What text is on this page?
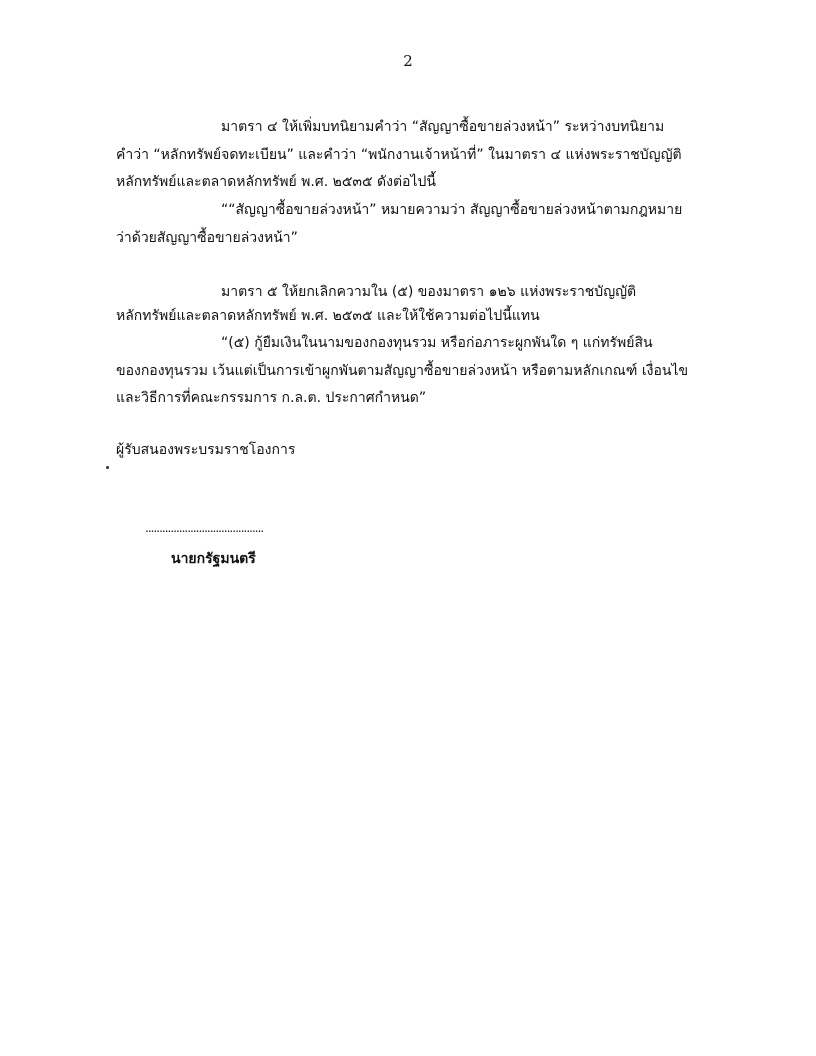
2
มาตรา ๔ ให้เพิ่มบทนิยามคำว่า “สัญญาซื้อขายล่วงหน้า” ระหว่างบทนิยาม
คำว่า “หลักทรัพย์จดทะเบียน” และคำว่า “พนักงานเจ้าหน้าที่” ในมาตรา ๔ แห่งพระราชบัญญัติ
หลักทรัพย์และตลาดหลักทรัพย์ พ.ศ. ๒๕๓๕ ดังต่อไปนี้
““สัญญาซื้อขายล่วงหน้า” หมายความว่า สัญญาซื้อขายล่วงหน้าตามกฎหมาย
ว่าด้วยสัญญาซื้อขายล่วงหน้า”
มาตรา ๕ ให้ยกเลิกความใน (๕) ของมาตรา ๑๒๖ แห่งพระราชบัญญัติ
หลักทรัพย์และตลาดหลักทรัพย์ พ.ศ. ๒๕๓๕ และให้ใช้ความต่อไปนี้แทน
“(๕) กู้ยืมเงินในนามของกองทุนรวม หรือก่อภาระผูกพันใด ๆ แก่ทรัพย์สิน
ของกองทุนรวม เว้นแต่เป็นการเข้าผูกพันตามสัญญาซื้อขายล่วงหน้า หรือตามหลักเกณฑ์ เงื่อนไข
และวิธีการที่คณะกรรมการ ก.ล.ต. ประกาศกำหนด”
ผู้รับสนองพระบรมราชโองการ
..........................................
นายกรัฐมนตรี
